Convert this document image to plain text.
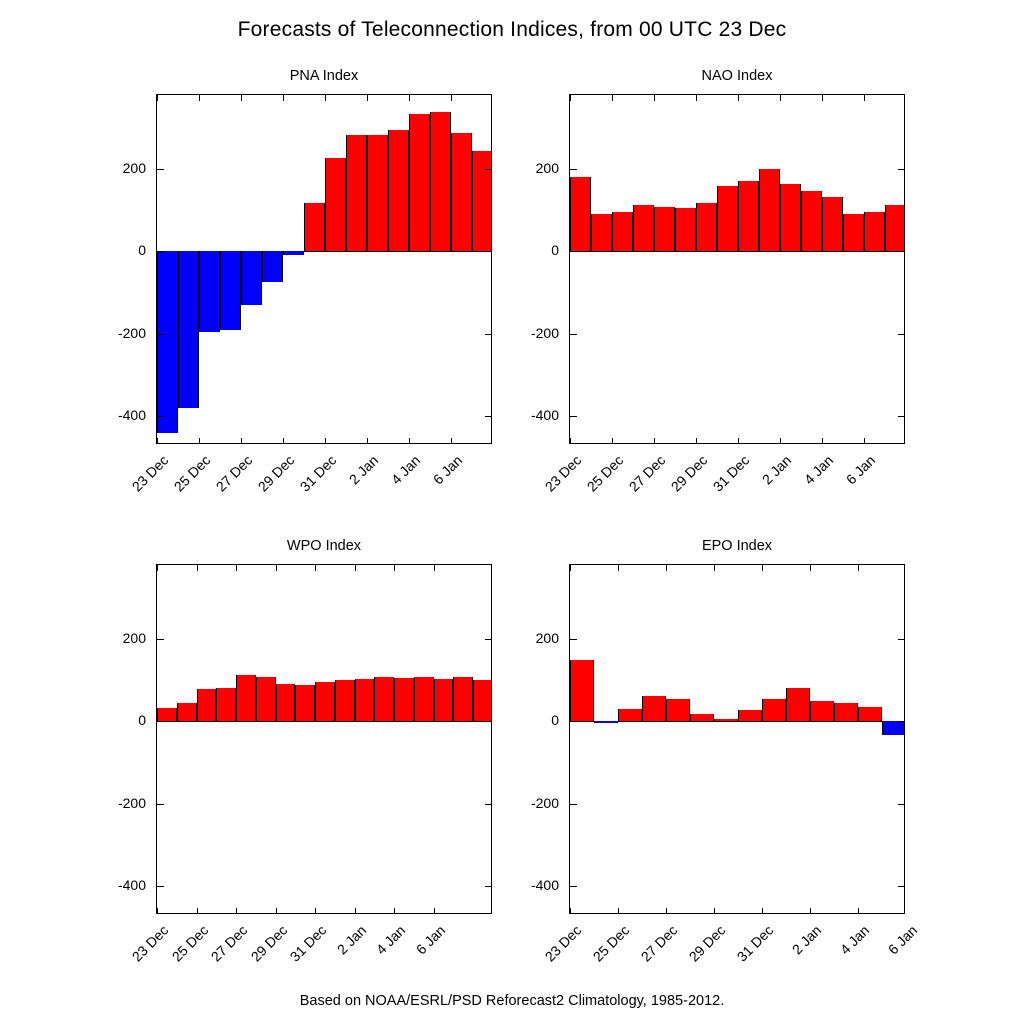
Forecasts of Teleconnection Indices, from 00 UTC 23 Dec
PNA Index
200
0
-200
-400
23 Dec 25 Dec 27 Dec 29 Dec 31 Dec 2 Jan 4 Jan 6 Jan
NAO Index
200
0
-200
-400
23 Dec 25 Dec 27 Dec 29 Dec 31 Dec 2 Jan 4 Jan 6 Jan
WPO Index
200
0
-200
-400
23 Dec
25 Dec
27 Dec
29 Dec
31 Dec 2 Jan 4 Jan 6 Jan
EPO Index
200
0
-200
-400
23 Dec 25 Dec 27 Dec 29 Dec 31 Dec 2 Jan 4 Jan 6 Jan
Based on NOAA/ESRL/PSD Reforecast2 Climatology, 1985-2012.
